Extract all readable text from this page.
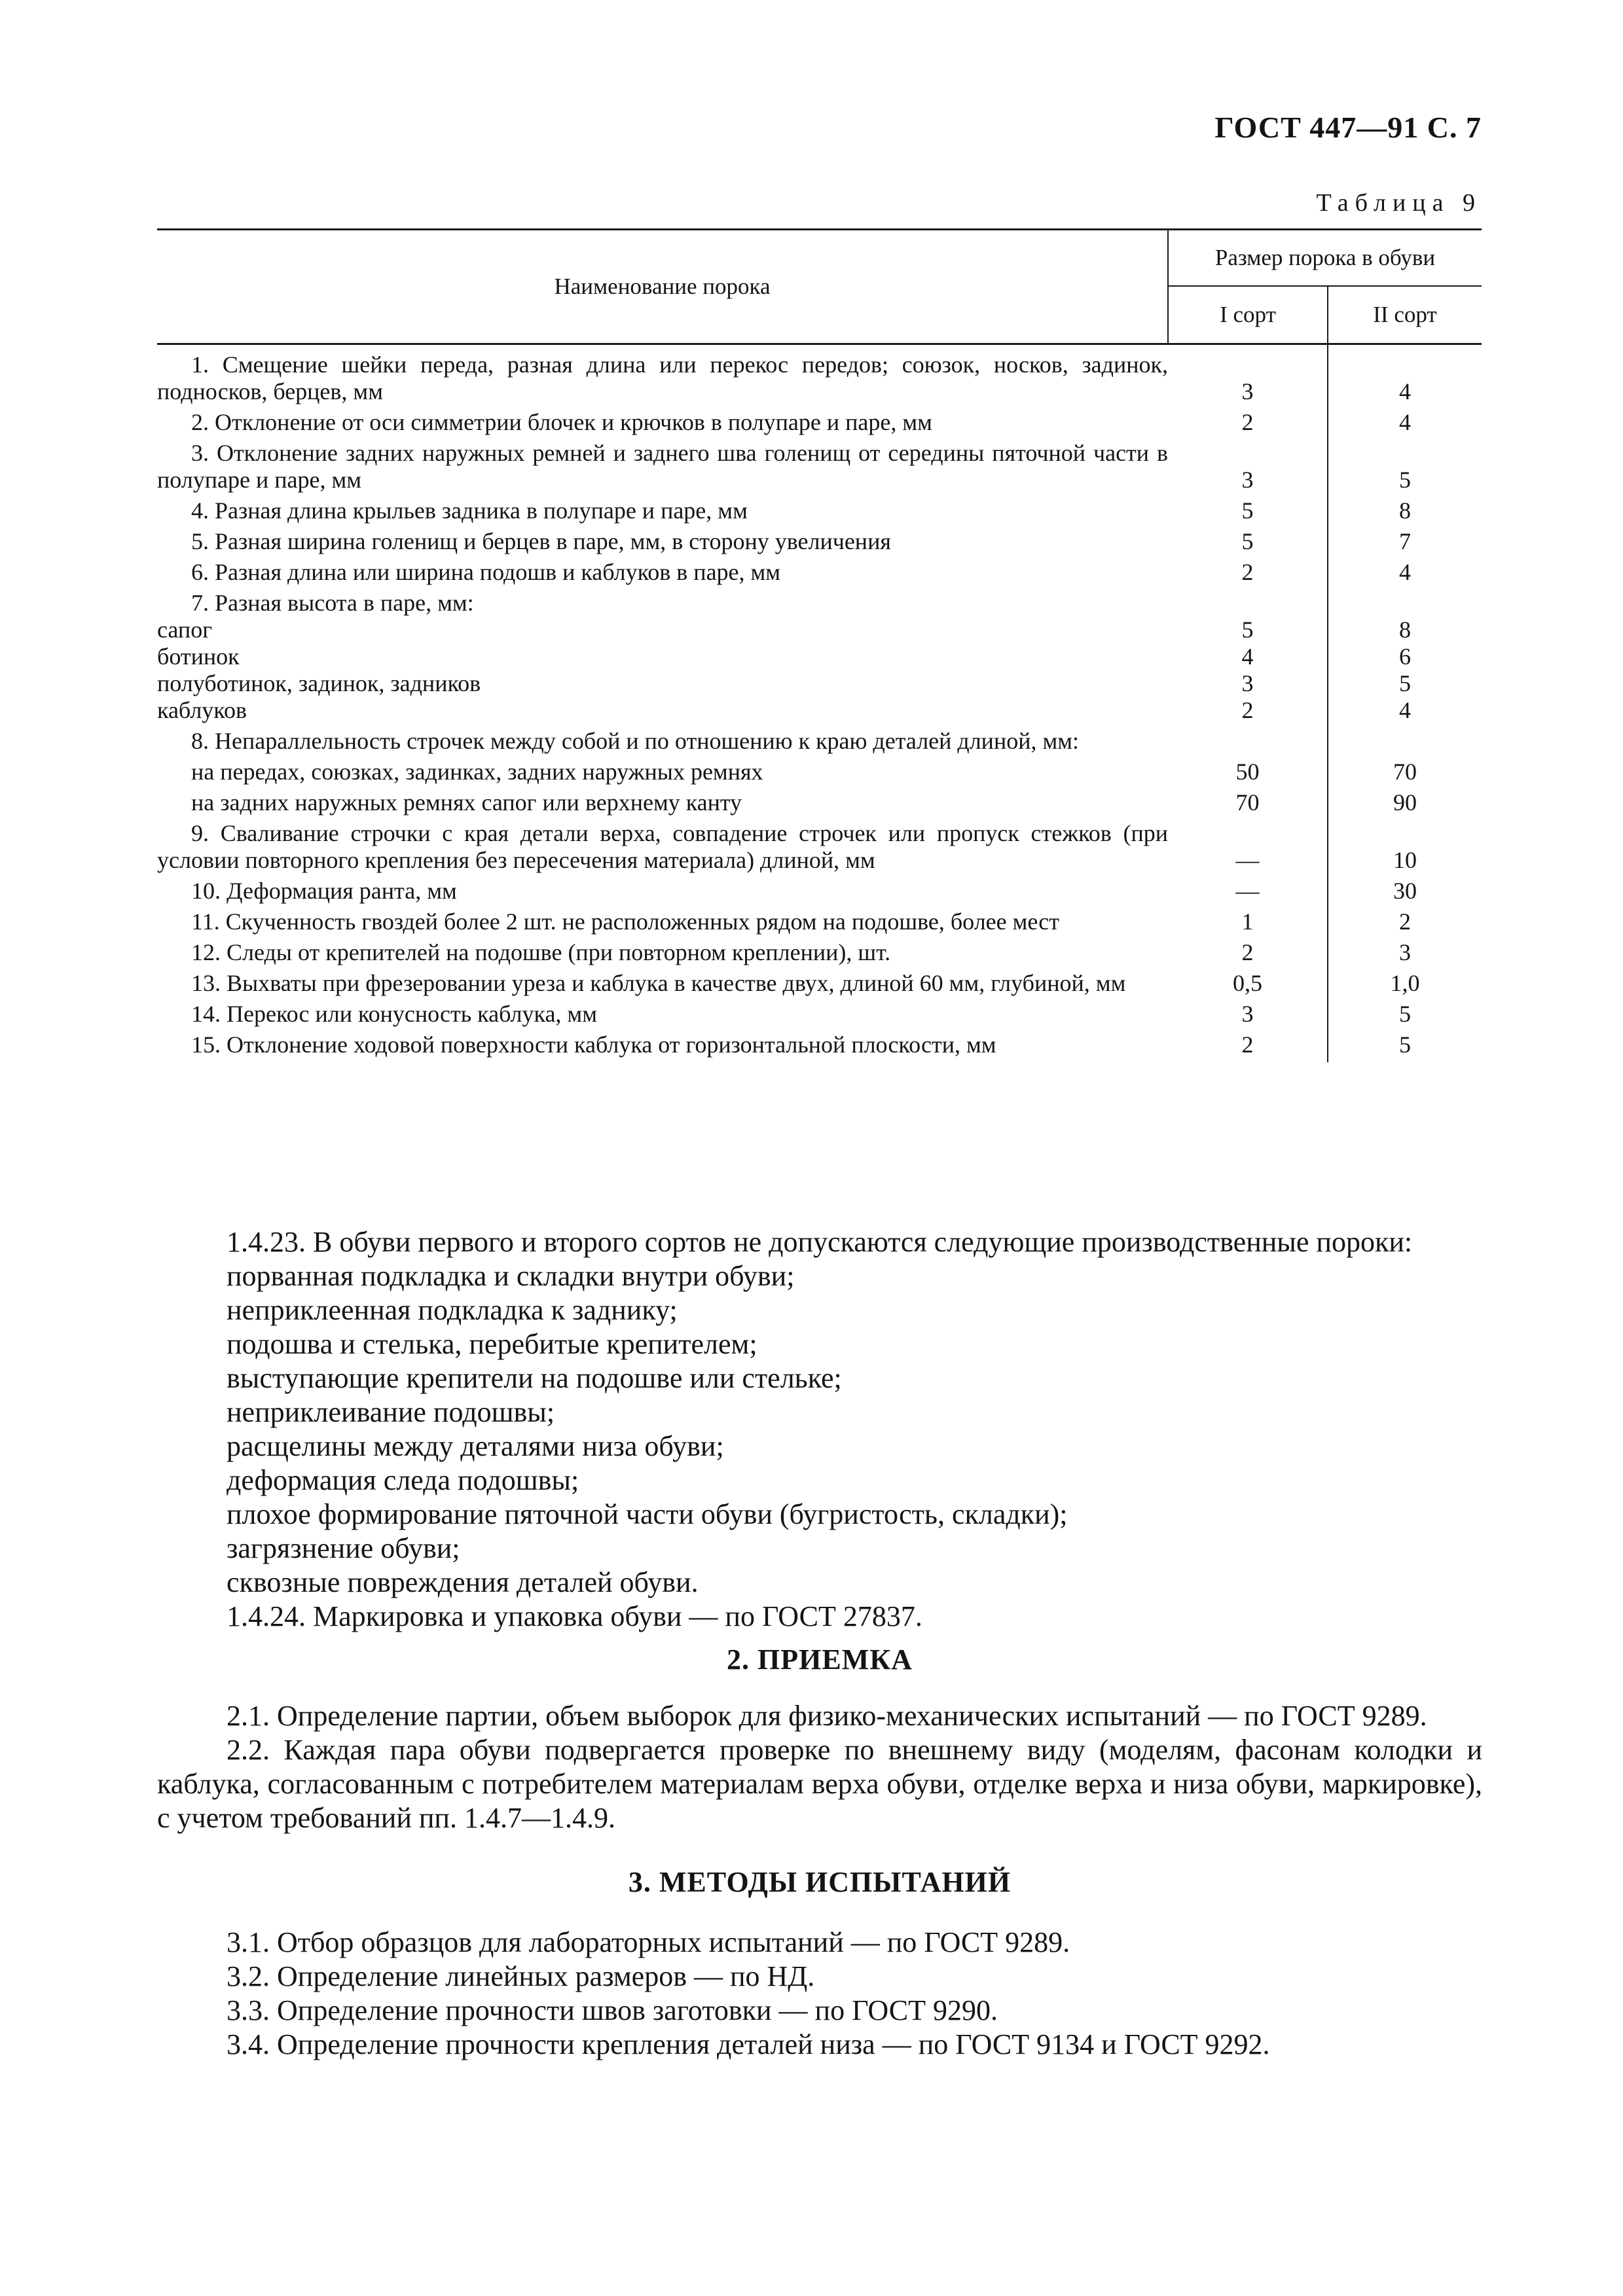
ГОСТ 447—91 С. 7
Таблица 9
Наименование порока	Размер порока в обуви	
	I сорт	II сорт

1. Смещение шейки переда, разная длина или перекос передов; союзок, носков, задинок, подносков, берцев, мм	3	4
2. Отклонение от оси симметрии блочек и крючков в полупаре и паре, мм	2	4
3. Отклонение задних наружных ремней и заднего шва голенищ от середины пяточной части в полупаре и паре, мм	3	5
4. Разная длина крыльев задника в полупаре и паре, мм	5	8
5. Разная ширина голенищ и берцев в паре, мм, в сторону увеличения	5	7
6. Разная длина или ширина подошв и каблуков в паре, мм	2	4
7. Разная высота в паре, мм:		
сапог	5	8
ботинок	4	6
полуботинок, задинок, задников	3	5
каблуков	2	4
8. Непараллельность строчек между собой и по отношению к краю деталей длиной, мм:		
на передах, союзках, задинках, задних наружных ремнях	50	70
на задних наружных ремнях сапог или верхнему канту	70	90
9. Сваливание строчки с края детали верха, совпадение строчек или пропуск стежков (при условии повторного крепления без пересечения материала) длиной, мм	—	10
10. Деформация ранта, мм	—	30
11. Скученность гвоздей более 2 шт. не расположенных рядом на подошве, более мест	1	2
12. Следы от крепителей на подошве (при повторном креплении), шт.	2	3
13. Выхваты при фрезеровании уреза и каблука в качестве двух, длиной 60 мм, глубиной, мм	0,5	1,0
14. Перекос или конусность каблука, мм	3	5
15. Отклонение ходовой поверхности каблука от горизонтальной плоскости, мм	2	5

1.4.23. В обуви первого и второго сортов не допускаются следующие производственные пороки:

порванная подкладка и складки внутри обуви;

неприклеенная подкладка к заднику;

подошва и стелька, перебитые крепителем;

выступающие крепители на подошве или стельке;

неприклеивание подошвы;

расщелины между деталями низа обуви;

деформация следа подошвы;

плохое формирование пяточной части обуви (бугристость, складки);

загрязнение обуви;

сквозные повреждения деталей обуви.

1.4.24. Маркировка и упаковка обуви — по ГОСТ 27837.

2. ПРИЕМКА

2.1. Определение партии, объем выборок для физико-механических испытаний — по ГОСТ 9289.

2.2. Каждая пара обуви подвергается проверке по внешнему виду (моделям, фасонам колодки и каблука, согласованным с потребителем материалам верха обуви, отделке верха и низа обуви, маркировке), с учетом требований пп. 1.4.7—1.4.9.

3. МЕТОДЫ ИСПЫТАНИЙ

3.1. Отбор образцов для лабораторных испытаний — по ГОСТ 9289.

3.2. Определение линейных размеров — по НД.

3.3. Определение прочности швов заготовки — по ГОСТ 9290.

3.4. Определение прочности крепления деталей низа — по ГОСТ 9134 и ГОСТ 9292.
